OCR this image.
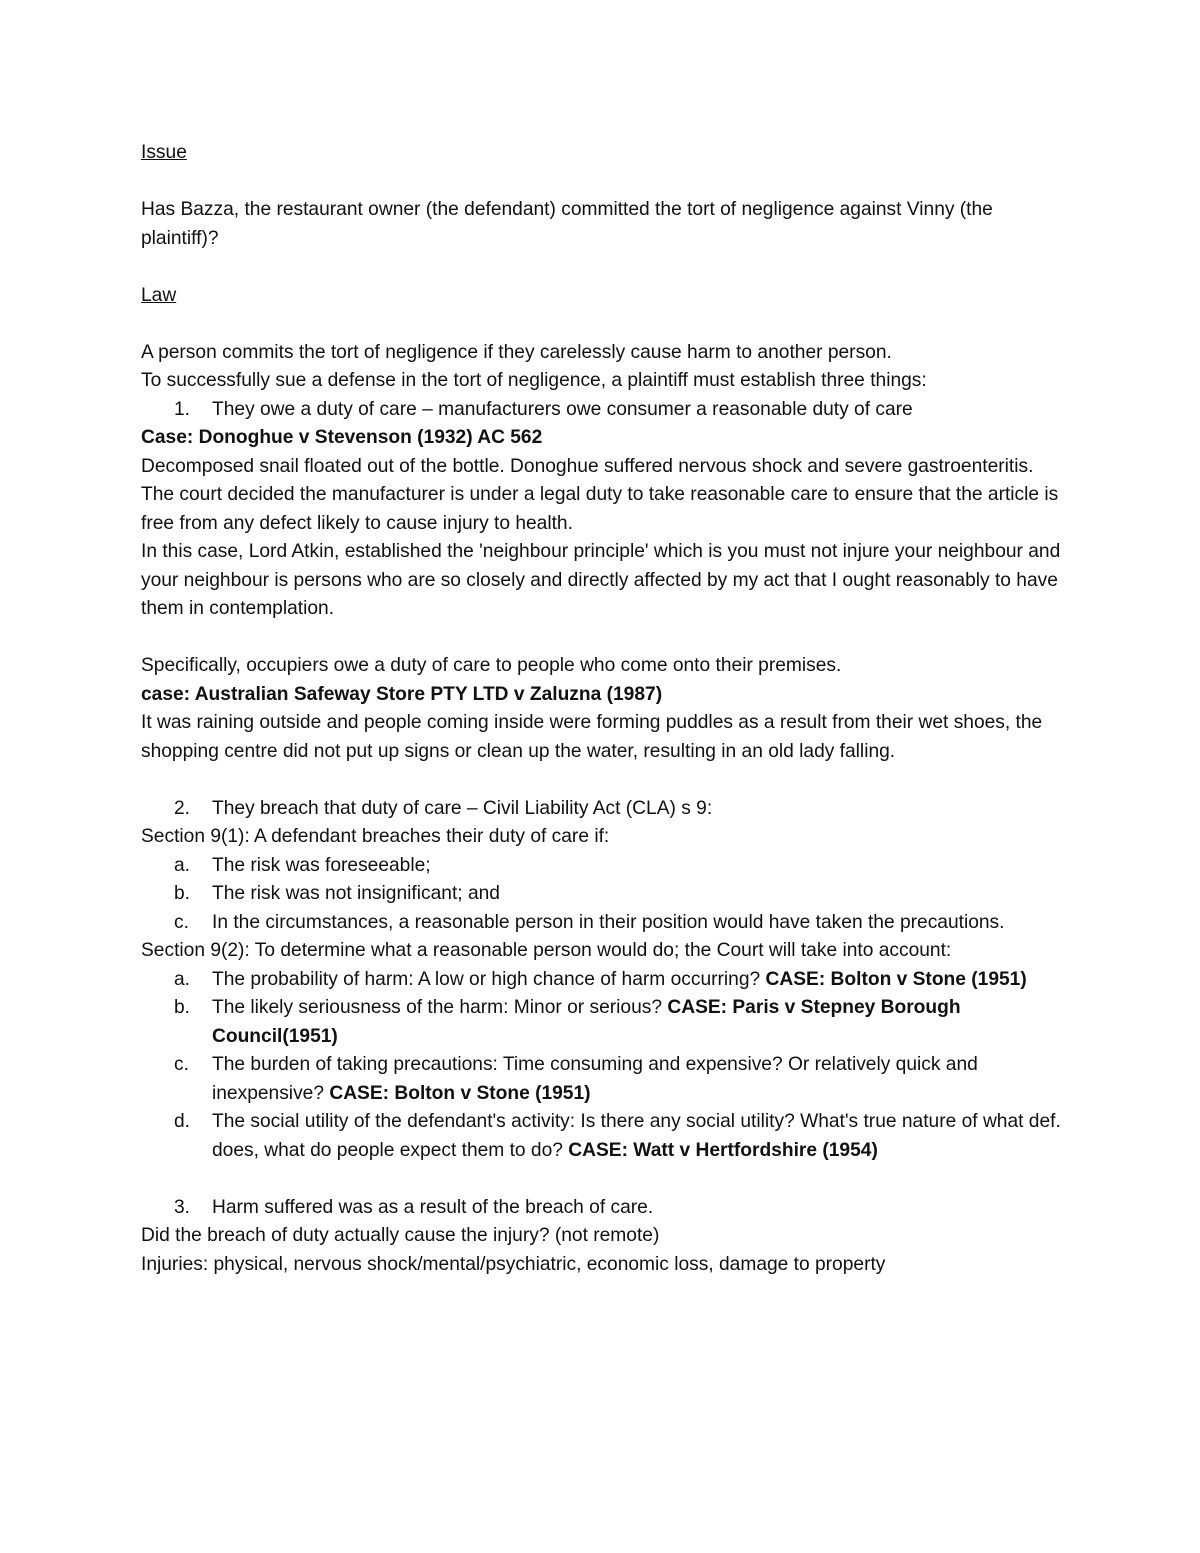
Issue

Has Bazza, the restaurant owner (the defendant) committed the tort of negligence against Vinny (the plaintiff)?

Law

A person commits the tort of negligence if they carelessly cause harm to another person.

To successfully sue a defense in the tort of negligence, a plaintiff must establish three things:

1. They owe a duty of care – manufacturers owe consumer a reasonable duty of care

Case: Donoghue v Stevenson (1932) AC 562

Decomposed snail floated out of the bottle. Donoghue suffered nervous shock and severe gastroenteritis. The court decided the manufacturer is under a legal duty to take reasonable care to ensure that the article is free from any defect likely to cause injury to health.

In this case, Lord Atkin, established the 'neighbour principle' which is you must not injure your neighbour and your neighbour is persons who are so closely and directly affected by my act that I ought reasonably to have them in contemplation.

Specifically, occupiers owe a duty of care to people who come onto their premises.

case: Australian Safeway Store PTY LTD v Zaluzna (1987)

It was raining outside and people coming inside were forming puddles as a result from their wet shoes, the shopping centre did not put up signs or clean up the water, resulting in an old lady falling.

2. They breach that duty of care – Civil Liability Act (CLA) s 9:

Section 9(1): A defendant breaches their duty of care if:

a. The risk was foreseeable;
b. The risk was not insignificant; and
c. In the circumstances, a reasonable person in their position would have taken the precautions.

Section 9(2): To determine what a reasonable person would do; the Court will take into account:

a. The probability of harm: A low or high chance of harm occurring? CASE: Bolton v Stone (1951)
b. The likely seriousness of the harm: Minor or serious? CASE: Paris v Stepney Borough Council(1951)
c. The burden of taking precautions: Time consuming and expensive? Or relatively quick and inexpensive? CASE: Bolton v Stone (1951)
d. The social utility of the defendant's activity: Is there any social utility? What's true nature of what def. does, what do people expect them to do? CASE: Watt v Hertfordshire (1954)
3. Harm suffered was as a result of the breach of care.

Did the breach of duty actually cause the injury? (not remote)

Injuries: physical, nervous shock/mental/psychiatric, economic loss, damage to property
